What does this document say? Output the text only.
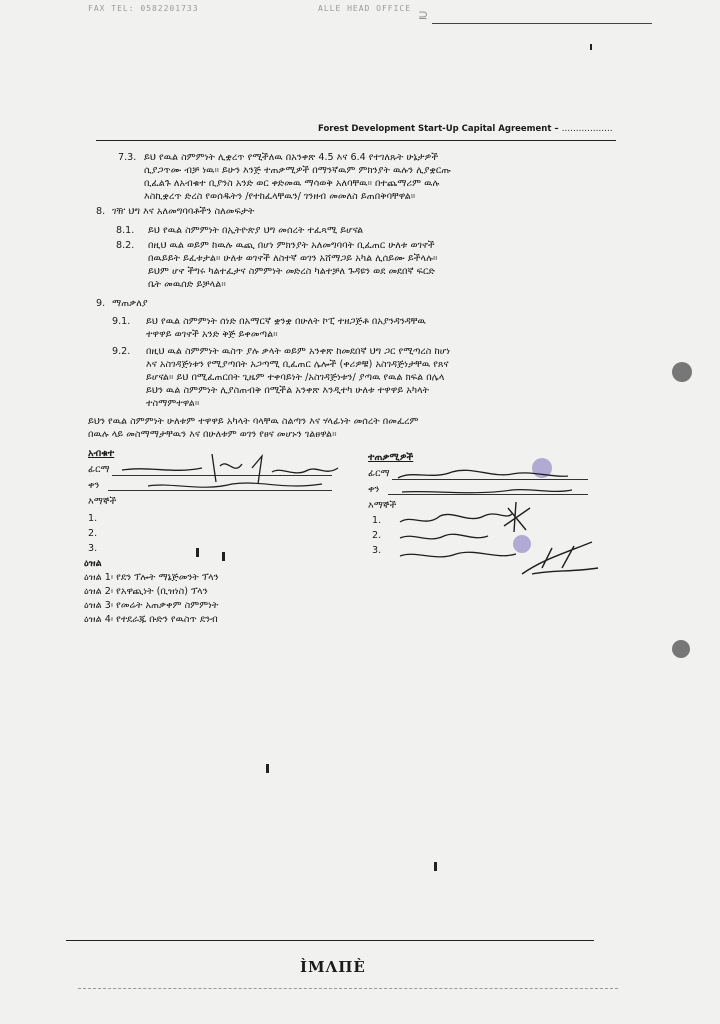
FAX TEL: 0582201733	ALLE HEAD OFFICE ⊇
Forest Development Start-Up Capital Agreement – ………………
7.3. ይህ የዉል ስምምነት ሊቋረጥ የሚችለዉ በአንቀጽ 4.5 እና 6.4 የተገለጹት ሁኔታዎች
ሲያጋጥሙ ብቻ ነዉ። ይሁን እንጅ ተጠቃሚዎች በማንኛዉም ምክንያት ዉሉን ሊያቋርጡ
ቢፈልጉ ለአብቁተ ቢያንስ አንድ ወር ቀድመዉ ማሳወቅ አለባቸዉ። በተጨማሪም ዉሉ
እስኪቋረጥ ድረስ የወሰዱትን /የተከፈላቸዉን/ ገንዘብ መመለስ ይጠበቅባቸዋል።
8. ገዥ ህግ እና አለመግባባቶችን ስለመፍታት
8.1. ይህ የዉል ስምምነት በኢትዮጵያ ህግ መሰረት ተፈጻሚ ይሆናል
8.2. በዚህ ዉል ወይም ከዉሉ ዉጪ በሆነ ምክንያት አለመግባባት ቢፈጠር ሁለቱ ወገኖች
በዉይይት ይፈቱታል። ሁለቱ ወገኖች ለስተኛ ወገን አሸማጋይ አካል ሊሰይሙ ይችላሉ።
ይህም ሆኖ ችግሩ ካልተፈታና ስምምነት መድረስ ካልተቻለ ጉዳዩን ወደ መደበኛ ፍርድ
ቤት መዉሰድ ይቻላል።
9. ማጠቃለያ
9.1. ይህ የዉል ስምምነት ሰነድ በአማርኛ ቋንቋ በሁለት ኮፒ ተዘጋጅቶ በአያንዳንዳቸዉ
ተዋዋይ ወገኖች አንድ ቅጅ ይቀመጣል።
9.2. በዚህ ዉል ስምምነት ዉስጥ ያሉ ቃላት ወይም አንቀጽ ከመደበኛ ህግ ጋር የሚጣረስ ከሆነ
እና አስገዳጅነቱን የሚያጣበት አጋጣሚ ቢፈጠር ሌሎች (ቀሪዎቹ) አስገዳጅነታቸዉ የጸና
ይሆናል። ይህ በሚፈጠርበት ጊዜም ተቀባይነት /አስገዳጅነቱን/ ያጣዉ የዉል ክፍል በሌላ
ይህን ዉል ስምምነት ሊያስጠብቅ በሚችል አንቀጽ እንዲተካ ሁለቱ ተዋዋይ አካላት
ተስማምተዋል።
ይህን የዉል ስምምነት ሁለቱም ተዋዋይ አካላት ባላቸዉ ስልጣን እና ሃላፊነት መሰረት በመፈረም
በዉሉ ላይ መስማማታቸዉን እና በሁለቱም ወገን የፀና መሆኑን ገልፀዋል።
አብቁተ
ፊርማ
ቀን
እማኞች
1.
2.
3.
ተጠቃሚዎች
ፊርማ
ቀን
እማኞች
1.
2.
3.
ዕዝል
ዕዝል 1፡ የደን ፕሎት ማኔጅመንት ፕላን
ዕዝል 2፡ የአዋጪነት (ቢዝነስ) ፕላን
ዕዝል 3፡ የመሬት አጠቃቀም ስምምነት
ዕዝል 4፡ የተደራጁ ቡድን የዉስጥ ደንብ
ÌМΛΠÈ
